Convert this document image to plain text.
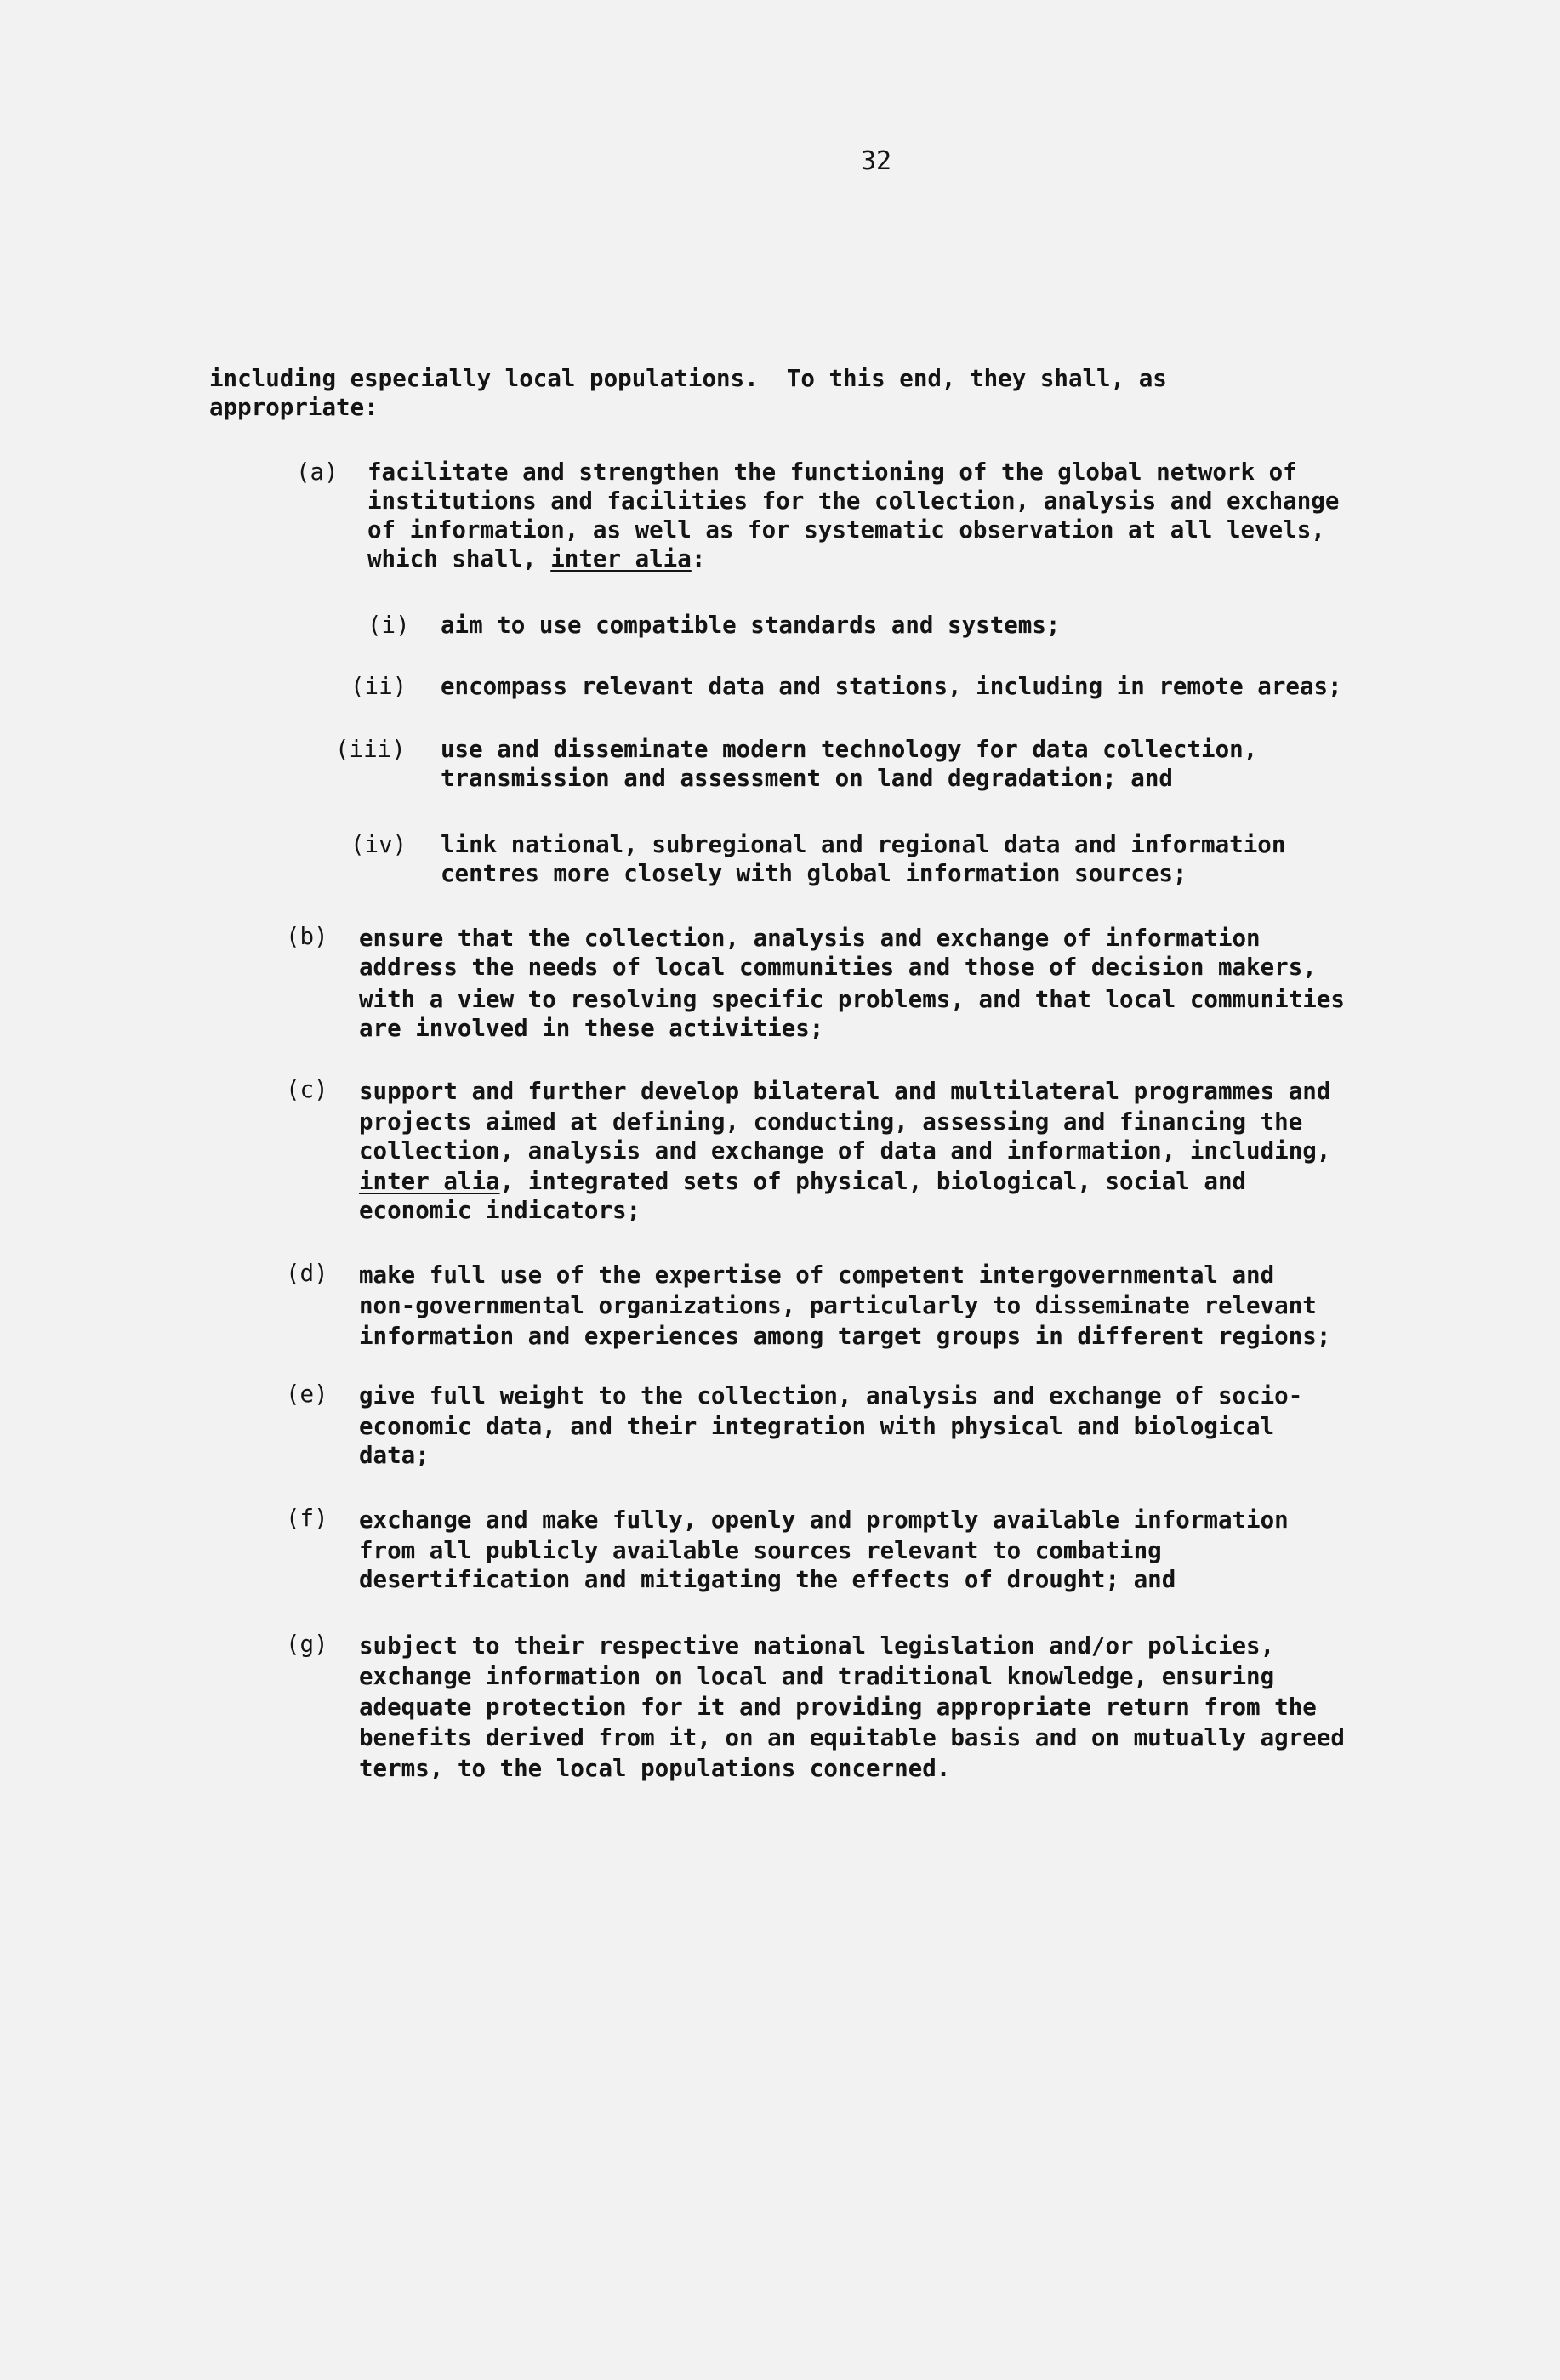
32
including especially local populations.  To this end, they shall, as
appropriate:
(a) facilitate and strengthen the functioning of the global network of
institutions and facilities for the collection, analysis and exchange
of information, as well as for systematic observation at all levels,
which shall, inter alia:
(i) aim to use compatible standards and systems;
(ii) encompass relevant data and stations, including in remote areas;
(iii) use and disseminate modern technology for data collection,
transmission and assessment on land degradation; and
(iv) link national, subregional and regional data and information
centres more closely with global information sources;
(b) ensure that the collection, analysis and exchange of information
address the needs of local communities and those of decision makers,
with a view to resolving specific problems, and that local communities
are involved in these activities;
(c) support and further develop bilateral and multilateral programmes and
projects aimed at defining, conducting, assessing and financing the
collection, analysis and exchange of data and information, including,
inter alia, integrated sets of physical, biological, social and
economic indicators;
(d) make full use of the expertise of competent intergovernmental and
non-governmental organizations, particularly to disseminate relevant
information and experiences among target groups in different regions;
(e) give full weight to the collection, analysis and exchange of socio-
economic data, and their integration with physical and biological
data;
(f) exchange and make fully, openly and promptly available information
from all publicly available sources relevant to combating
desertification and mitigating the effects of drought; and
(g) subject to their respective national legislation and/or policies,
exchange information on local and traditional knowledge, ensuring
adequate protection for it and providing appropriate return from the
benefits derived from it, on an equitable basis and on mutually agreed
terms, to the local populations concerned.
